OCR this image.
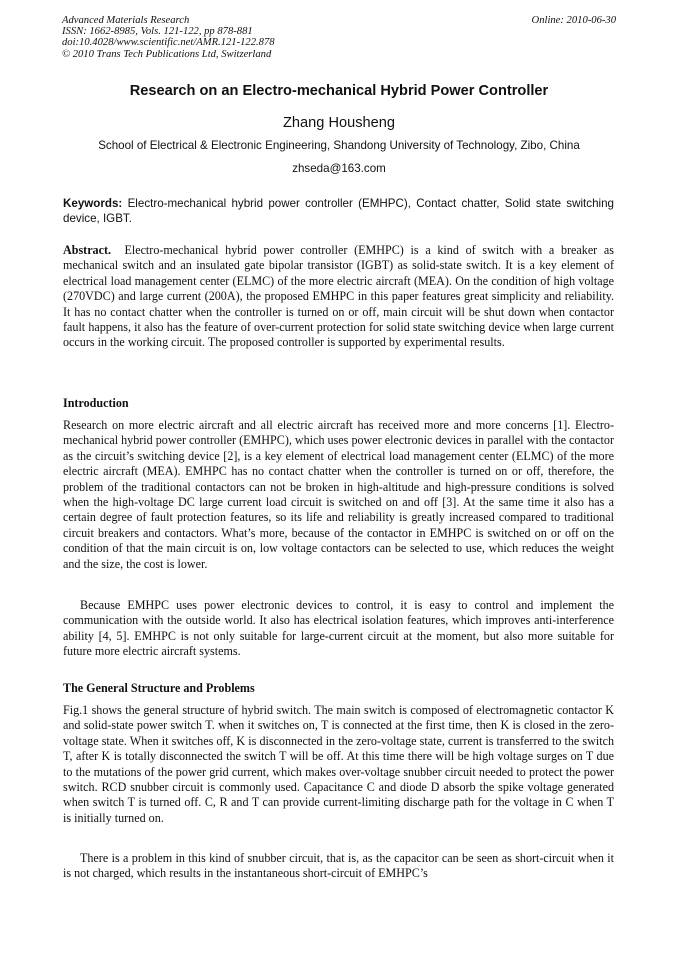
Advanced Materials Research
ISSN: 1662-8985, Vols. 121-122, pp 878-881
doi:10.4028/www.scientific.net/AMR.121-122.878
© 2010 Trans Tech Publications Ltd, Switzerland
Online: 2010-06-30
Research on an Electro-mechanical Hybrid Power Controller
Zhang Housheng
School of Electrical & Electronic Engineering, Shandong University of Technology, Zibo, China
zhseda@163.com
Keywords: Electro-mechanical hybrid power controller (EMHPC), Contact chatter, Solid state switching device, IGBT.
Abstract. Electro-mechanical hybrid power controller (EMHPC) is a kind of switch with a breaker as mechanical switch and an insulated gate bipolar transistor (IGBT) as solid-state switch. It is a key element of electrical load management center (ELMC) of the more electric aircraft (MEA). On the condition of high voltage (270VDC) and large current (200A), the proposed EMHPC in this paper features great simplicity and reliability. It has no contact chatter when the controller is turned on or off, main circuit will be shut down when contactor fault happens, it also has the feature of over-current protection for solid state switching device when large current occurs in the working circuit. The proposed controller is supported by experimental results.
Introduction

Research on more electric aircraft and all electric aircraft has received more and more concerns [1]. Electro-mechanical hybrid power controller (EMHPC), which uses power electronic devices in parallel with the contactor as the circuit’s switching device [2], is a key element of electrical load management center (ELMC) of the more electric aircraft (MEA). EMHPC has no contact chatter when the controller is turned on or off, therefore, the problem of the traditional contactors can not be broken in high-altitude and high-pressure conditions is solved when the high-voltage DC large current load circuit is switched on and off [3]. At the same time it also has a certain degree of fault protection features, so its life and reliability is greatly increased compared to traditional circuit breakers and contactors. What’s more, because of the contactor in EMHPC is switched on or off on the condition of that the main circuit is on, low voltage contactors can be selected to use, which reduces the weight and the size, the cost is lower.

Because EMHPC uses power electronic devices to control, it is easy to control and implement the communication with the outside world. It also has electrical isolation features, which improves anti-interference ability [4, 5]. EMHPC is not only suitable for large-current circuit at the moment, but also more suitable for future more electric aircraft systems.

The General Structure and Problems

Fig.1 shows the general structure of hybrid switch. The main switch is composed of electromagnetic contactor K and solid-state power switch T. when it switches on, T is connected at the first time, then K is closed in the zero-voltage state. When it switches off, K is disconnected in the zero-voltage state, current is transferred to the switch T, after K is totally disconnected the switch T will be off. At this time there will be high voltage surges on T due to the mutations of the power grid current, which makes over-voltage snubber circuit needed to protect the power switch. RCD snubber circuit is commonly used. Capacitance C and diode D absorb the spike voltage generated when switch T is turned off. C, R and T can provide current-limiting discharge path for the voltage in C when T is initially turned on.

There is a problem in this kind of snubber circuit, that is, as the capacitor can be seen as short-circuit when it is not charged, which results in the instantaneous short-circuit of EMHPC’s
